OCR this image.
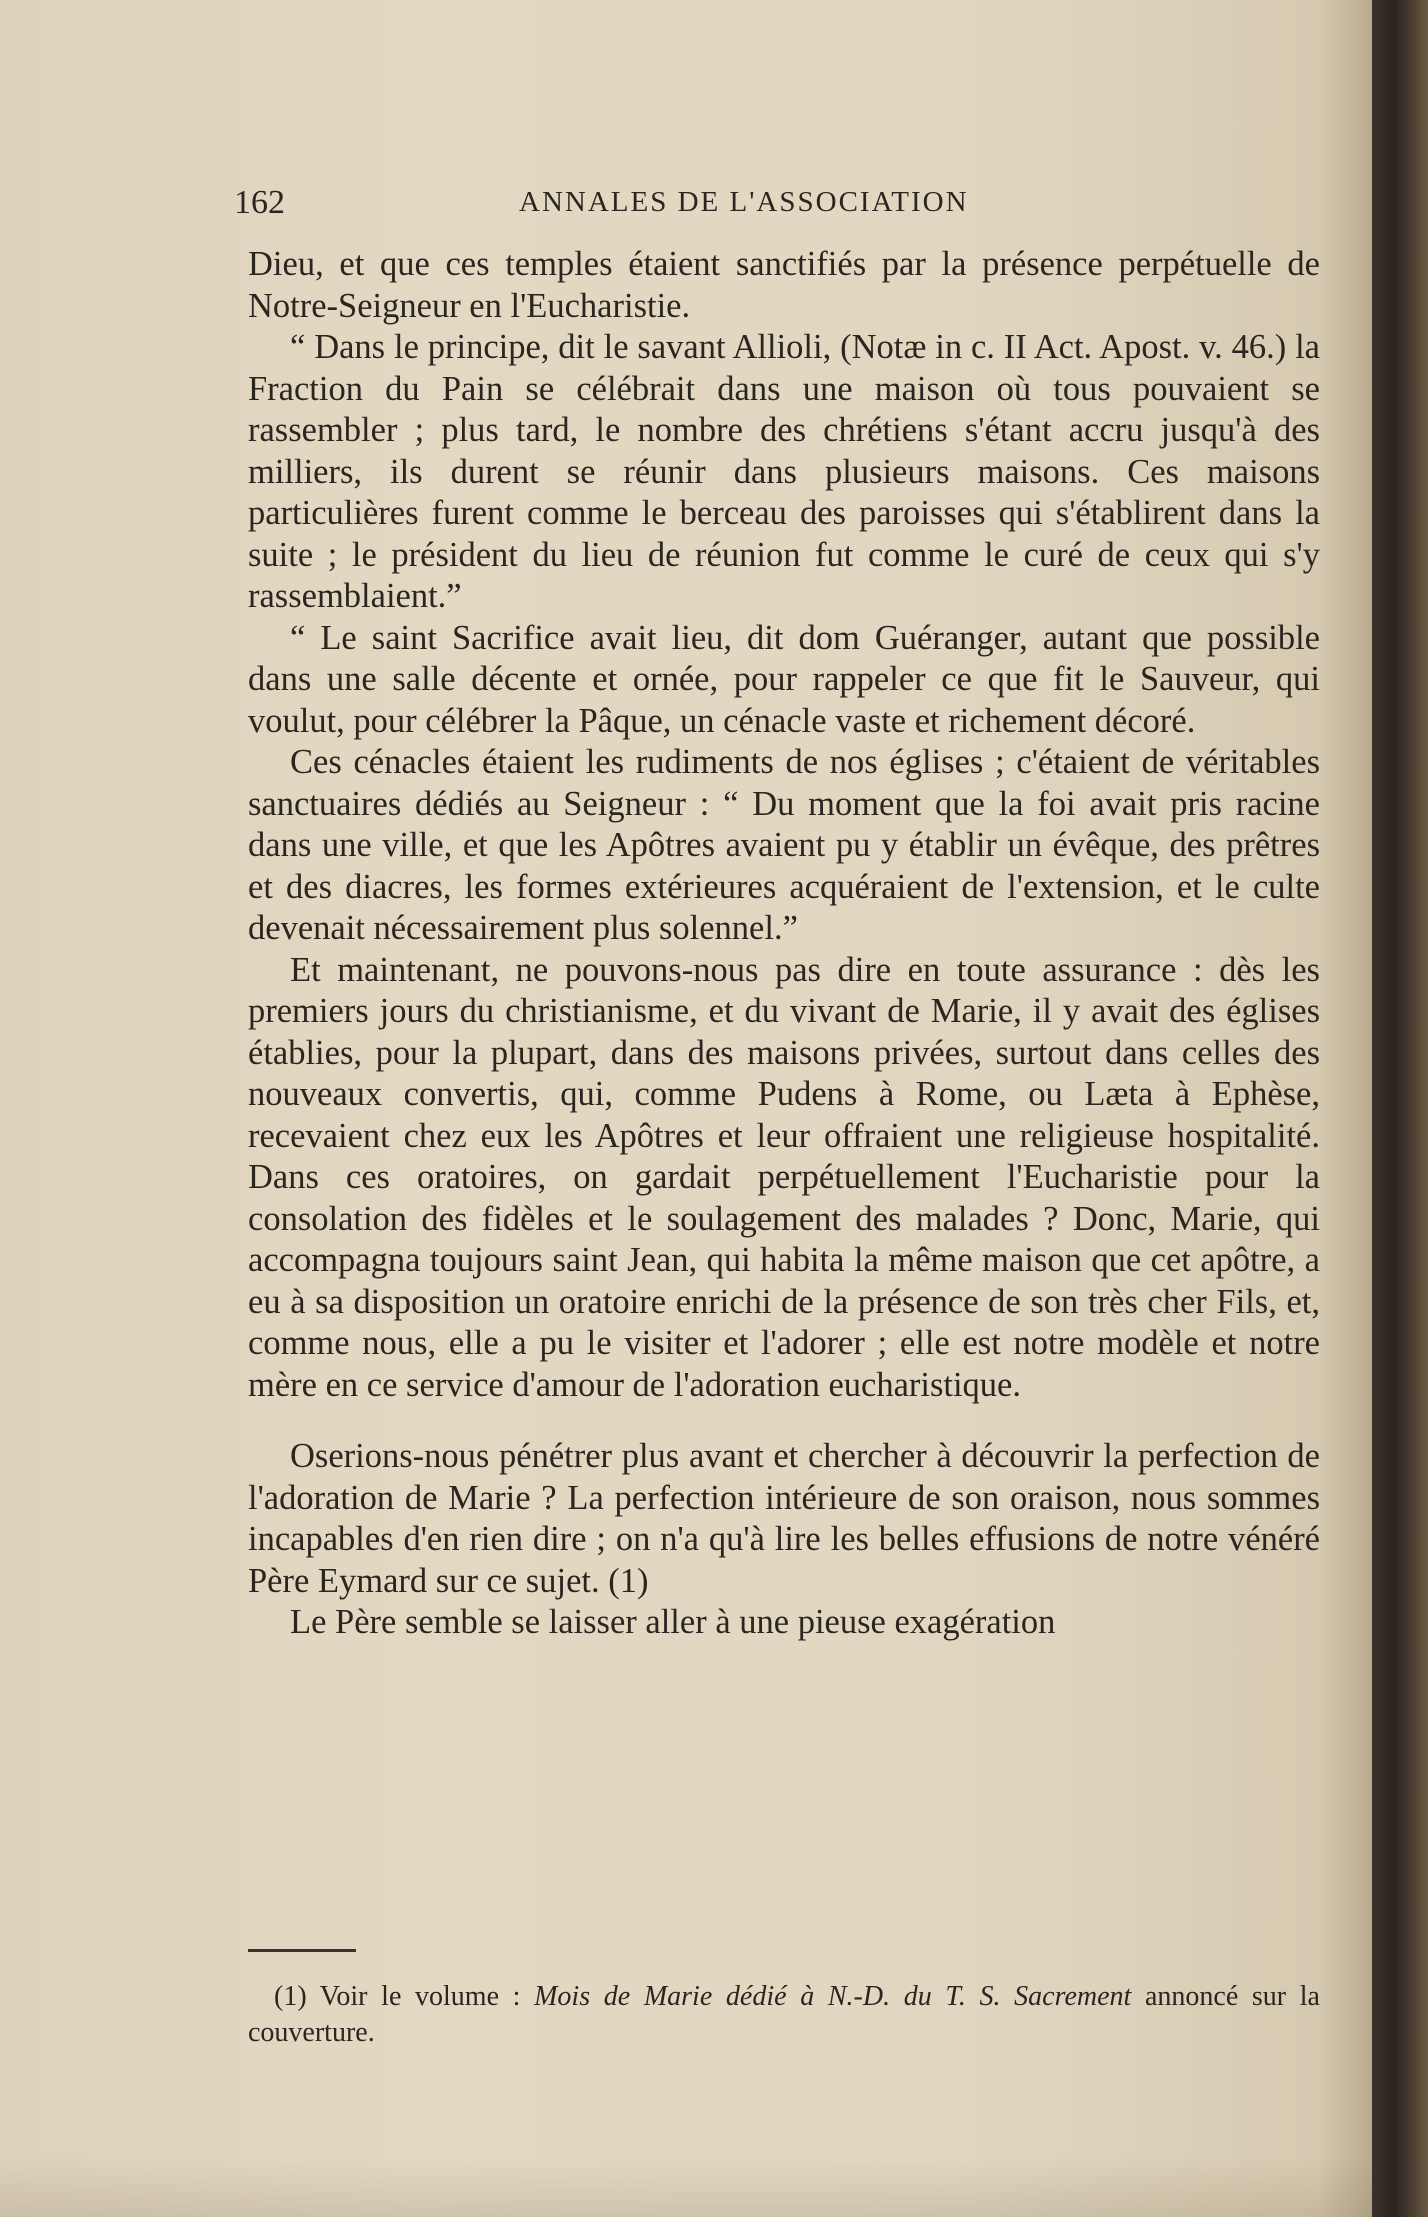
162	ANNALES DE L'ASSOCIATION

Dieu, et que ces temples étaient sanctifiés par la présence perpétuelle de Notre-Seigneur en l'Eucharistie.

“ Dans le principe, dit le savant Allioli, (Notæ in c. II Act. Apost. v. 46.) la Fraction du Pain se célébrait dans une maison où tous pouvaient se rassembler ; plus tard, le nombre des chrétiens s'étant accru jusqu'à des milliers, ils durent se réunir dans plusieurs maisons. Ces maisons particulières furent comme le berceau des paroisses qui s'établirent dans la suite ; le président du lieu de réunion fut comme le curé de ceux qui s'y rassemblaient.”

“ Le saint Sacrifice avait lieu, dit dom Guéranger, autant que possible dans une salle décente et ornée, pour rappeler ce que fit le Sauveur, qui voulut, pour célébrer la Pâque, un cénacle vaste et richement décoré.

Ces cénacles étaient les rudiments de nos églises ; c'étaient de véritables sanctuaires dédiés au Seigneur : “ Du moment que la foi avait pris racine dans une ville, et que les Apôtres avaient pu y établir un évêque, des prêtres et des diacres, les formes extérieures acquéraient de l'extension, et le culte devenait nécessairement plus solennel.”

Et maintenant, ne pouvons-nous pas dire en toute assurance : dès les premiers jours du christianisme, et du vivant de Marie, il y avait des églises établies, pour la plupart, dans des maisons privées, surtout dans celles des nouveaux convertis, qui, comme Pudens à Rome, ou Læta à Ephèse, recevaient chez eux les Apôtres et leur offraient une religieuse hospitalité. Dans ces oratoires, on gardait perpétuellement l'Eucharistie pour la consolation des fidèles et le soulagement des malades ? Donc, Marie, qui accompagna toujours saint Jean, qui habita la même maison que cet apôtre, a eu à sa disposition un oratoire enrichi de la présence de son très cher Fils, et, comme nous, elle a pu le visiter et l'adorer ; elle est notre modèle et notre mère en ce service d'amour de l'adoration eucharistique.

Oserions-nous pénétrer plus avant et chercher à découvrir la perfection de l'adoration de Marie ? La perfection intérieure de son oraison, nous sommes incapables d'en rien dire ; on n'a qu'à lire les belles effusions de notre vénéré Père Eymard sur ce sujet. (1)

Le Père semble se laisser aller à une pieuse exagération

(1) Voir le volume : Mois de Marie dédié à N.-D. du T. S. Sacrement annoncé sur la couverture.
